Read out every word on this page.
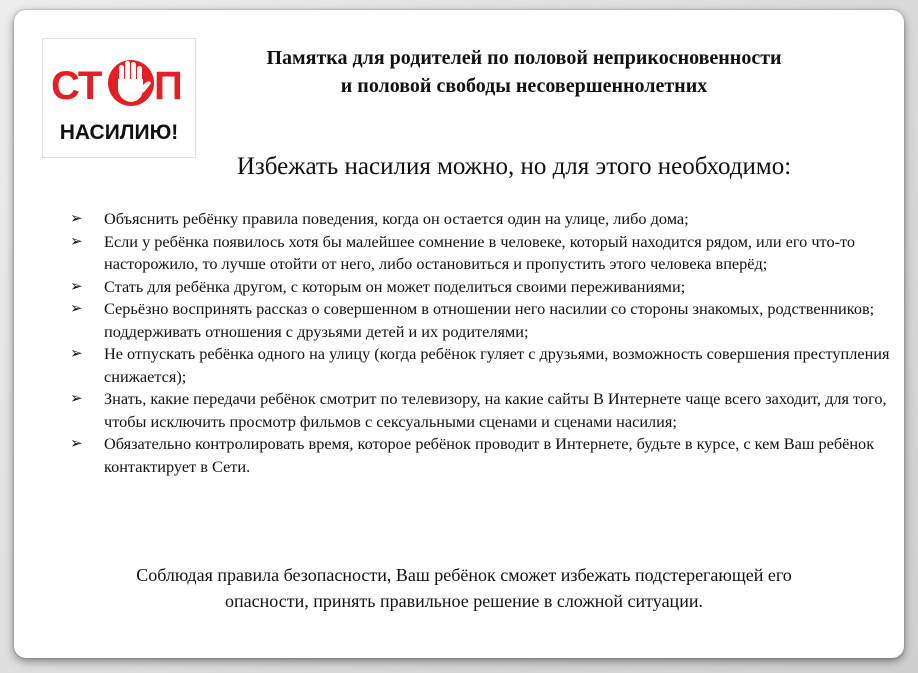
СТ П
НАСИЛИЮ!
Памятка для родителей по половой неприкосновенности
и половой свободы несовершеннолетних
Избежать насилия можно, но для этого необходимо:
➢	Объяснить ребёнку правила поведения, когда он остается один на улице, либо дома;
➢	Если у ребёнка появилось хотя бы малейшее сомнение в человеке, который находится рядом, или его что-то насторожило, то лучше отойти от него, либо остановиться и пропустить этого человека вперёд;
➢	Стать для ребёнка другом, с которым он может поделиться своими переживаниями;
➢	Серьёзно воспринять рассказ о совершенном в отношении него насилии со стороны знакомых, родственников; поддерживать отношения с друзьями детей и их родителями;
➢	Не отпускать ребёнка одного на улицу (когда ребёнок гуляет с друзьями, возможность совершения преступления снижается);
➢	Знать, какие передачи ребёнок смотрит по телевизору, на какие сайты В Интернете чаще всего заходит, для того, чтобы исключить просмотр фильмов с сексуальными сценами и сценами насилия;
➢	Обязательно контролировать время, которое ребёнок проводит в Интернете, будьте в курсе, с кем Ваш ребёнок контактирует в Сети.

Соблюдая правила безопасности, Ваш ребёнок сможет избежать подстерегающей его опасности, принять правильное решение в сложной ситуации.
